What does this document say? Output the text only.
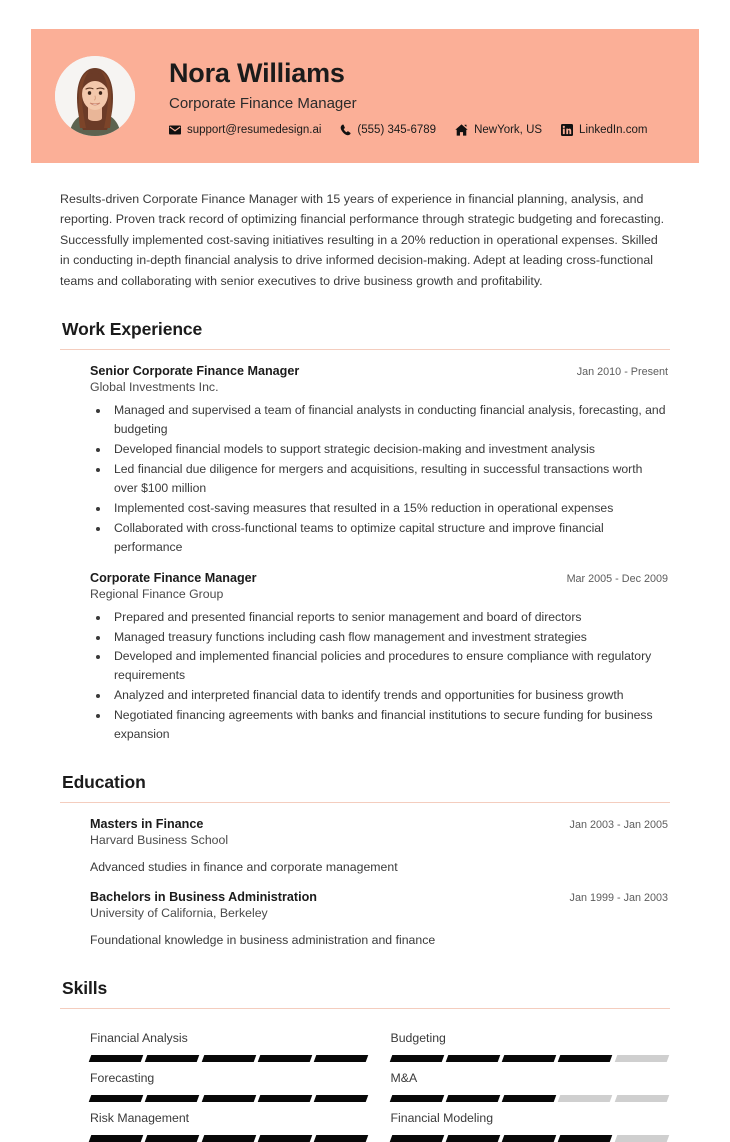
Nora Williams
Corporate Finance Manager
support@resumedesign.ai	(555) 345-6789	NewYork, US	LinkedIn.com

Results-driven Corporate Finance Manager with 15 years of experience in financial planning, analysis, and reporting. Proven track record of optimizing financial performance through strategic budgeting and forecasting. Successfully implemented cost-saving initiatives resulting in a 20% reduction in operational expenses. Skilled in conducting in-depth financial analysis to drive informed decision-making. Adept at leading cross-functional teams and collaborating with senior executives to drive business growth and profitability.

Work Experience
Senior Corporate Finance Manager	Jan 2010 - Present
Global Investments Inc.
• Managed and supervised a team of financial analysts in conducting financial analysis, forecasting, and budgeting
• Developed financial models to support strategic decision-making and investment analysis
• Led financial due diligence for mergers and acquisitions, resulting in successful transactions worth over $100 million
• Implemented cost-saving measures that resulted in a 15% reduction in operational expenses
• Collaborated with cross-functional teams to optimize capital structure and improve financial performance
Corporate Finance Manager	Mar 2005 - Dec 2009
Regional Finance Group
• Prepared and presented financial reports to senior management and board of directors
• Managed treasury functions including cash flow management and investment strategies
• Developed and implemented financial policies and procedures to ensure compliance with regulatory requirements
• Analyzed and interpreted financial data to identify trends and opportunities for business growth
• Negotiated financing agreements with banks and financial institutions to secure funding for business expansion
Education
Masters in Finance	Jan 2003 - Jan 2005
Harvard Business School
Advanced studies in finance and corporate management
Bachelors in Business Administration	Jan 1999 - Jan 2003
University of California, Berkeley
Foundational knowledge in business administration and finance
Skills
Financial Analysis	Budgeting
Forecasting	M&A
Risk Management	Financial Modeling
